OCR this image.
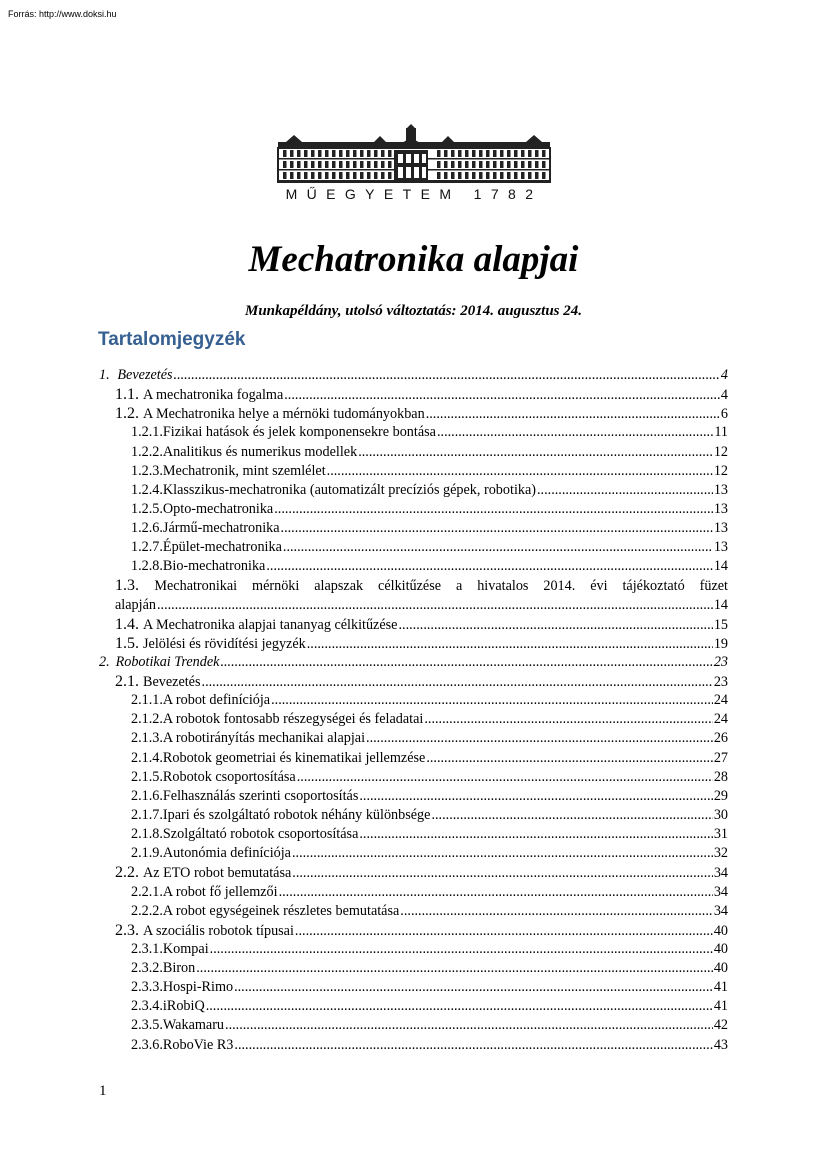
Forrás: http://www.doksi.hu
MŰEGYETEM 1782
Mechatronika alapjai
Munkapéldány, utolsó változtatás: 2014. augusztus 24.
Tartalomjegyzék
1. Bevezetés .....	4
1.1. A mechatronika fogalma .....	4
1.2. A Mechatronika helye a mérnöki tudományokban .....	6
1.2.1. Fizikai hatások és jelek komponensekre bontása .....	11
1.2.2. Analitikus és numerikus modellek .....	12
1.2.3. Mechatronik, mint szemlélet .....	12
1.2.4. Klasszikus-mechatronika (automatizált precíziós gépek, robotika) .....	13
1.2.5. Opto-mechatronika .....	13
1.2.6. Jármű-mechatronika .....	13
1.2.7. Épület-mechatronika .....	13
1.2.8. Bio-mechatronika .....	14
1.3. Mechatronikai mérnöki alapszak célkitűzése a hivatalos 2014. évi tájékoztató füzet
alapján .....	14
1.4. A Mechatronika alapjai tananyag célkitűzése .....	15
1.5. Jelölési és rövidítési jegyzék .....	19
2. Robotikai Trendek .....	23
2.1. Bevezetés .....	23
2.1.1. A robot definíciója .....	24
2.1.2. A robotok fontosabb részegységei és feladatai .....	24
2.1.3. A robotirányítás mechanikai alapjai .....	26
2.1.4. Robotok geometriai és kinematikai jellemzése .....	27
2.1.5. Robotok csoportosítása .....	28
2.1.6. Felhasználás szerinti csoportosítás .....	29
2.1.7. Ipari és szolgáltató robotok néhány különbsége .....	30
2.1.8. Szolgáltató robotok csoportosítása .....	31
2.1.9. Autonómia definíciója .....	32
2.2. Az ETO robot bemutatása .....	34
2.2.1. A robot fő jellemzői .....	34
2.2.2. A robot egységeinek részletes bemutatása .....	34
2.3. A szociális robotok típusai .....	40
2.3.1. Kompai .....	40
2.3.2. Biron .....	40
2.3.3. Hospi-Rimo .....	41
2.3.4. iRobiQ .....	41
2.3.5. Wakamaru .....	42
2.3.6. RoboVie R3 .....	43
1
